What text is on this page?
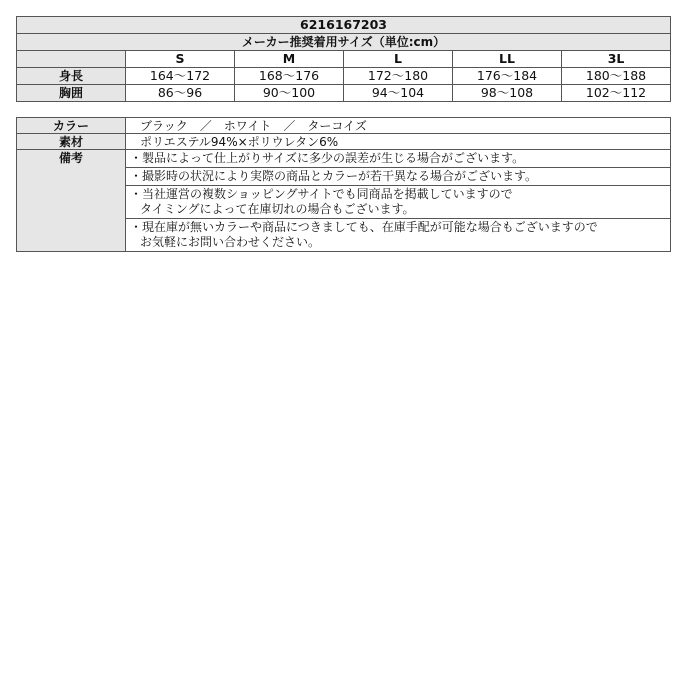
6216167203					
メーカー推奨着用サイズ（単位:cm）					
	S	M	L	LL	3L
身長	164〜172	168〜176	172〜180	176〜184	180〜188
胸囲	86〜96	90〜100	94〜104	98〜108	102〜112
カラー	ブラック　／　ホワイト　／　ターコイズ
素材	ポリエステル94%×ポリウレタン6%
備考	・製品によって仕上がりサイズに多少の誤差が生じる場合がございます。
	・撮影時の状況により実際の商品とカラーが若干異なる場合がございます。
	・当社運営の複数ショッピングサイトでも同商品を掲載していますので
タイミングによって在庫切れの場合もございます。

	・現在庫が無いカラーや商品につきましても、在庫手配が可能な場合もございますので
お気軽にお問い合わせください。
